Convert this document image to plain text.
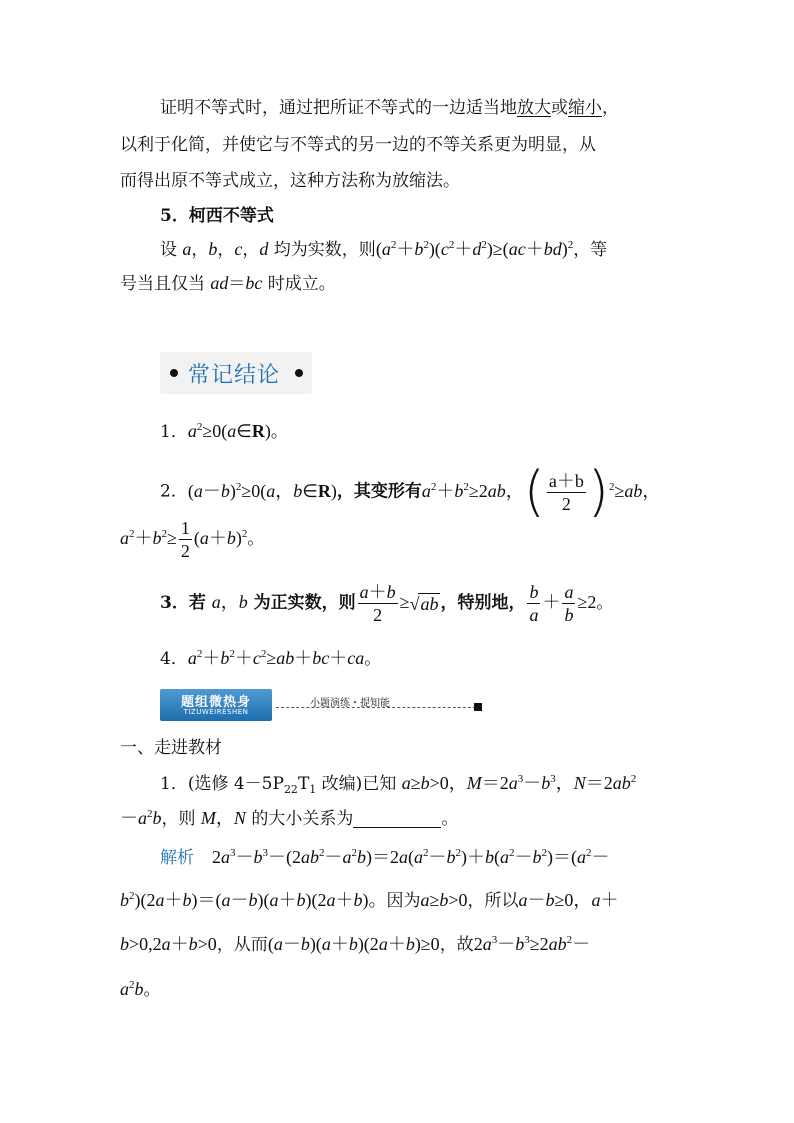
证明不等式时，通过把所证不等式的一边适当地放大或缩小，
以利于化简，并使它与不等式的另一边的不等关系更为明显，从
而得出原不等式成立，这种方法称为放缩法。
5．柯西不等式
设 a，b，c，d 均为实数，则$(a^2+b^2)(c^2+d^2)\ge(ac+bd)^2$，等
号当且仅当 ad＝bc 时成立。
常记结论
1．$a^2\ge 0(a\in R)$。
2．$(a-b)^2\ge 0(a$，b∈R)，其变形有$a^2+b^2\ge 2ab$，( $\frac{a+b}{2} )^2\ge ab$，
$a^2+b^2\ge \frac{1}{2} (a+b)^2$。
3．若 a，b 为正实数，则 $\frac{a+b}{2} \ge√ab$ ，特别地， $\frac{b}{a} + \frac{a}{b} \ge 2$。
4．$a^2+b^2+c^2\ge ab+bc+ca$。
题组微热身
TIZUWEIRESHEN
小题演练・提知能
一、走进教材
1．(选修 $4-5P_{22}T_1$ 改编)已知 a≥b>0，$M=2a^3-b^3$，$N=2ab^2$
$-a^2b$，则 M，N 的大小关系为	。
解析　$2a^3-b^3-(2ab^2-a^2b)=2a(a^2-b^2)+b(a^2-b^2)=(a^2-$
$b^2)(2a+b)=(a-b)(a+b)(2a+b)$。因为a≥b>0，所以a－b≥0，a＋
b>0,2a＋b>0，从而(a－b)(a＋b)(2a＋b)≥0，故$2a^3-b^3\ge 2ab^2-$
$a^2b$。
